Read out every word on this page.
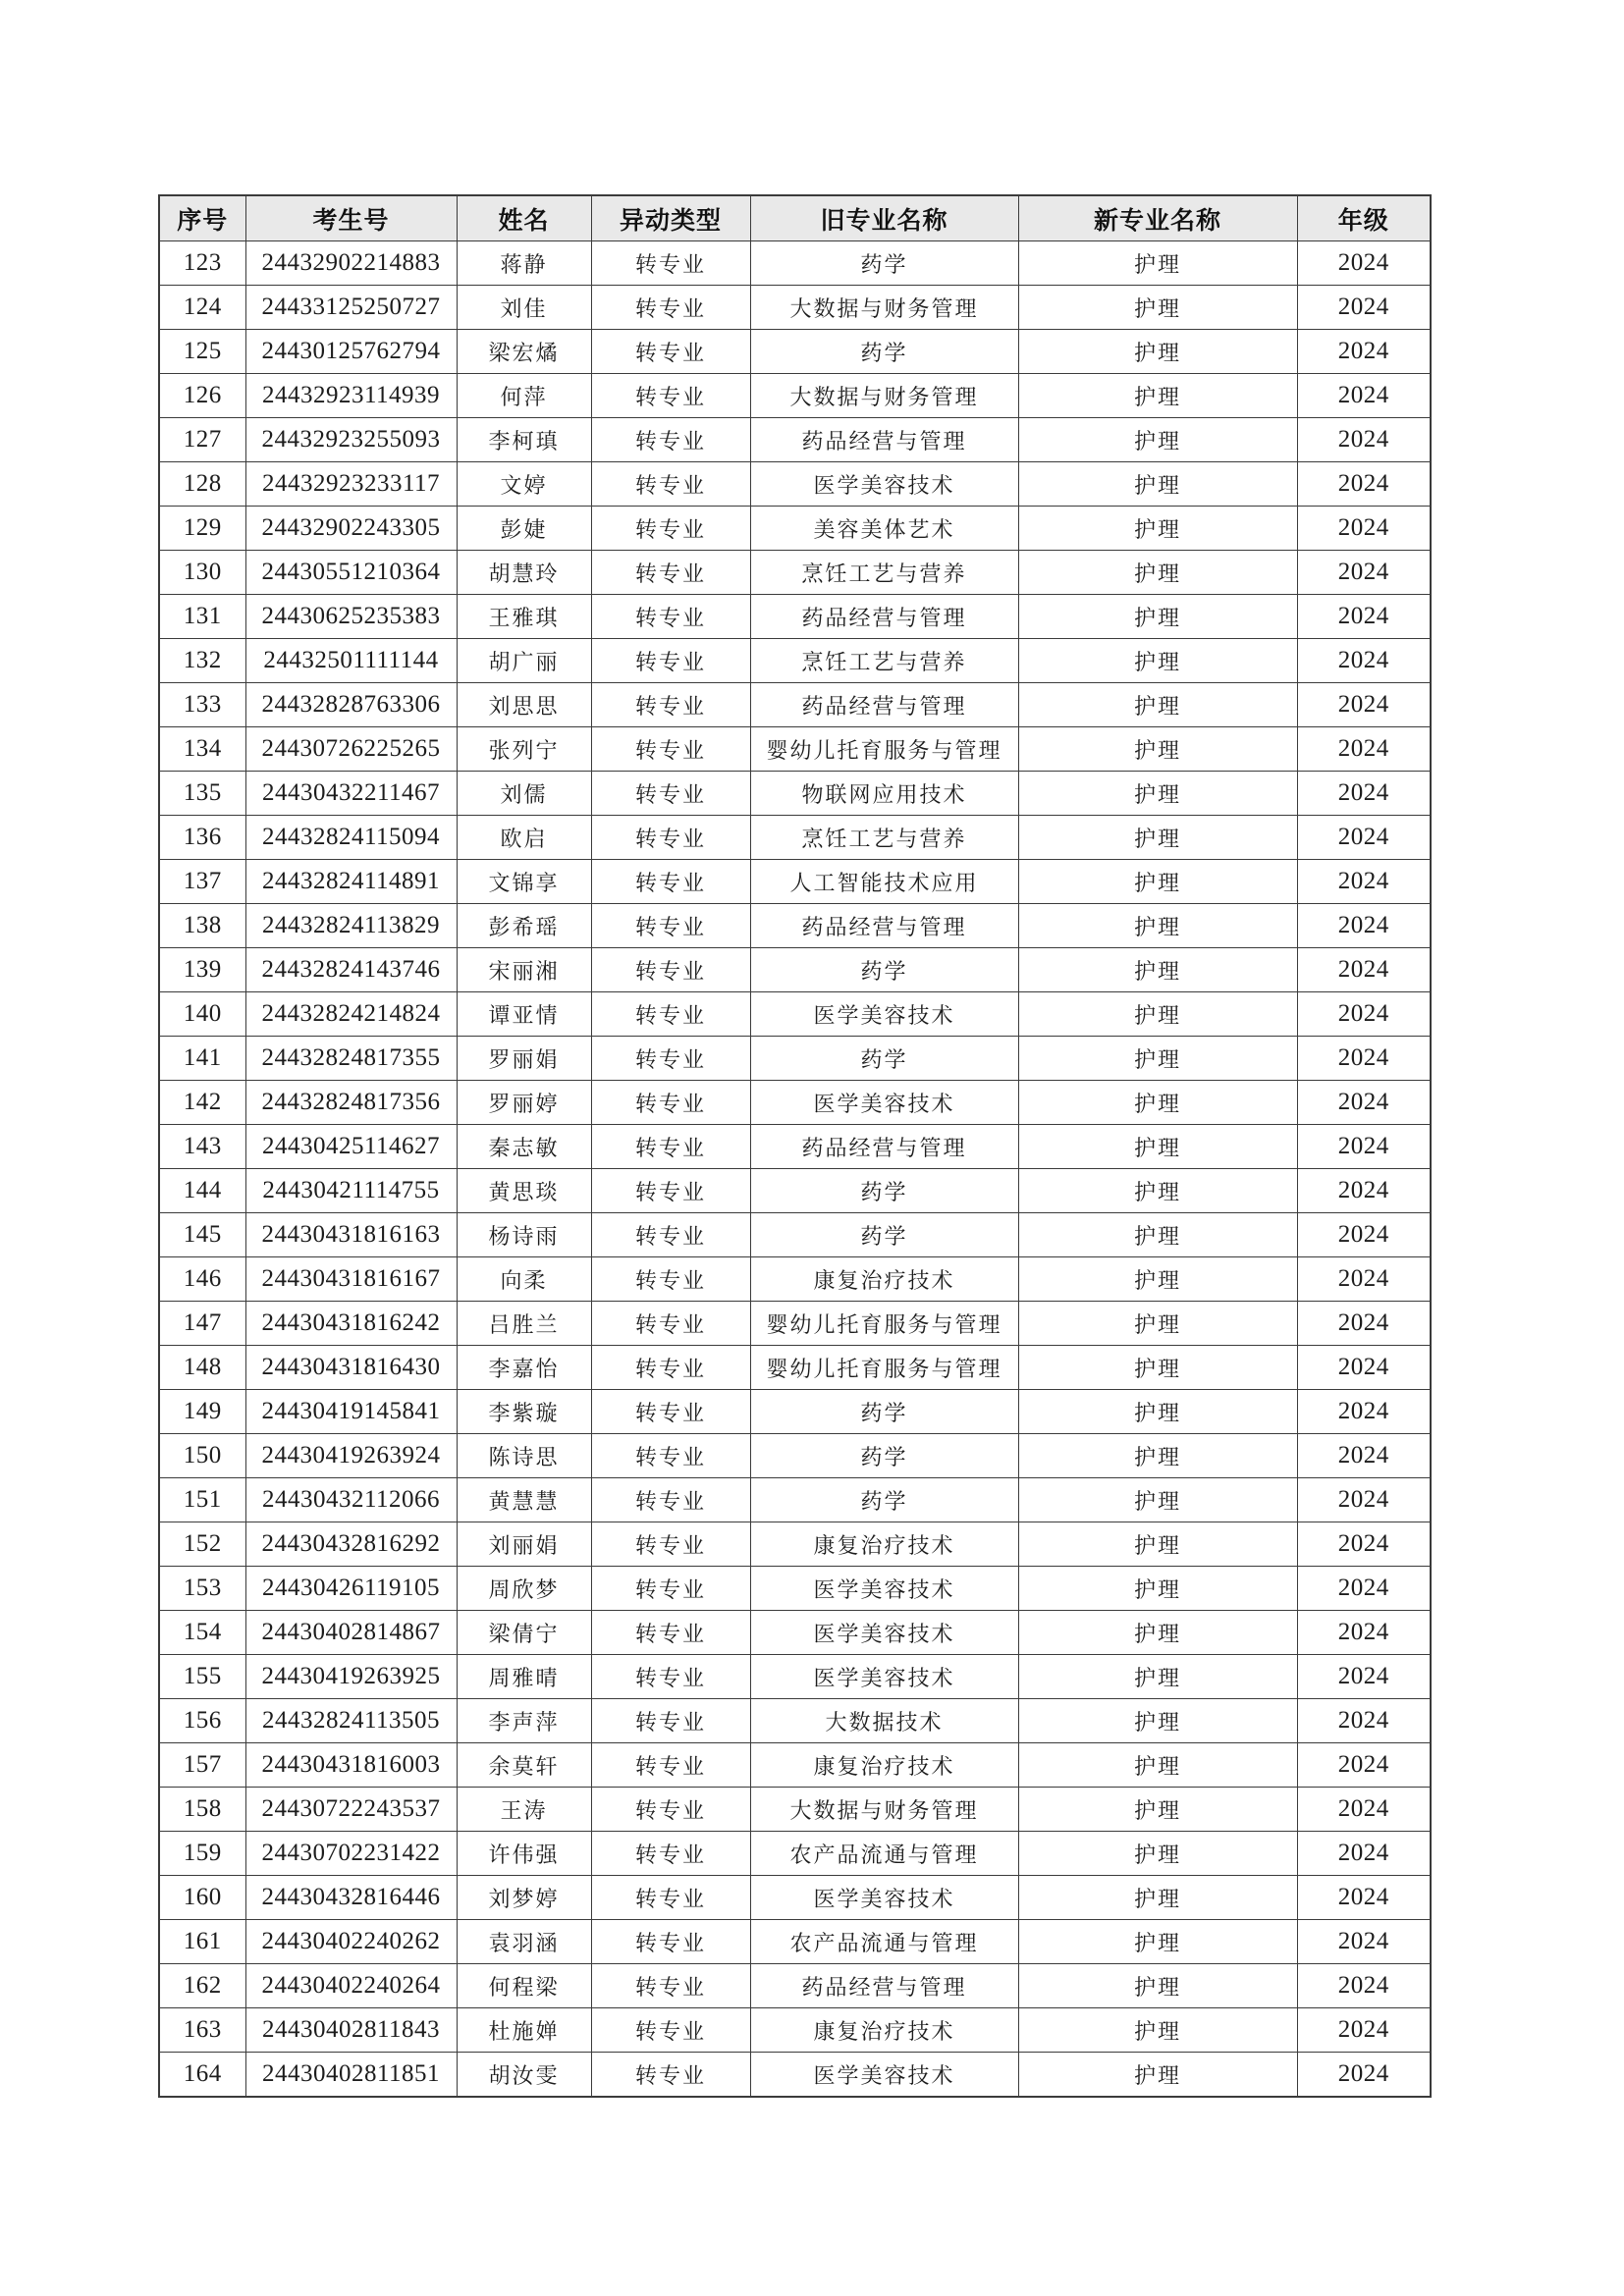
序号	考生号	姓名	异动类型	旧专业名称	新专业名称	年级
123	24432902214883	蒋静	转专业	药学	护理	2024
124	24433125250727	刘佳	转专业	大数据与财务管理	护理	2024
125	24430125762794	梁宏燏	转专业	药学	护理	2024
126	24432923114939	何萍	转专业	大数据与财务管理	护理	2024
127	24432923255093	李柯瑱	转专业	药品经营与管理	护理	2024
128	24432923233117	文婷	转专业	医学美容技术	护理	2024
129	24432902243305	彭婕	转专业	美容美体艺术	护理	2024
130	24430551210364	胡慧玲	转专业	烹饪工艺与营养	护理	2024
131	24430625235383	王雅琪	转专业	药品经营与管理	护理	2024
132	24432501111144	胡广丽	转专业	烹饪工艺与营养	护理	2024
133	24432828763306	刘思思	转专业	药品经营与管理	护理	2024
134	24430726225265	张列宁	转专业	婴幼儿托育服务与管理	护理	2024
135	24430432211467	刘儒	转专业	物联网应用技术	护理	2024
136	24432824115094	欧启	转专业	烹饪工艺与营养	护理	2024
137	24432824114891	文锦享	转专业	人工智能技术应用	护理	2024
138	24432824113829	彭希瑶	转专业	药品经营与管理	护理	2024
139	24432824143746	宋丽湘	转专业	药学	护理	2024
140	24432824214824	谭亚情	转专业	医学美容技术	护理	2024
141	24432824817355	罗丽娟	转专业	药学	护理	2024
142	24432824817356	罗丽婷	转专业	医学美容技术	护理	2024
143	24430425114627	秦志敏	转专业	药品经营与管理	护理	2024
144	24430421114755	黄思琰	转专业	药学	护理	2024
145	24430431816163	杨诗雨	转专业	药学	护理	2024
146	24430431816167	向柔	转专业	康复治疗技术	护理	2024
147	24430431816242	吕胜兰	转专业	婴幼儿托育服务与管理	护理	2024
148	24430431816430	李嘉怡	转专业	婴幼儿托育服务与管理	护理	2024
149	24430419145841	李紫璇	转专业	药学	护理	2024
150	24430419263924	陈诗思	转专业	药学	护理	2024
151	24430432112066	黄慧慧	转专业	药学	护理	2024
152	24430432816292	刘丽娟	转专业	康复治疗技术	护理	2024
153	24430426119105	周欣梦	转专业	医学美容技术	护理	2024
154	24430402814867	梁倩宁	转专业	医学美容技术	护理	2024
155	24430419263925	周雅晴	转专业	医学美容技术	护理	2024
156	24432824113505	李声萍	转专业	大数据技术	护理	2024
157	24430431816003	余莫轩	转专业	康复治疗技术	护理	2024
158	24430722243537	王涛	转专业	大数据与财务管理	护理	2024
159	24430702231422	许伟强	转专业	农产品流通与管理	护理	2024
160	24430432816446	刘梦婷	转专业	医学美容技术	护理	2024
161	24430402240262	袁羽涵	转专业	农产品流通与管理	护理	2024
162	24430402240264	何程梁	转专业	药品经营与管理	护理	2024
163	24430402811843	杜施婵	转专业	康复治疗技术	护理	2024
164	24430402811851	胡汝雯	转专业	医学美容技术	护理	2024
